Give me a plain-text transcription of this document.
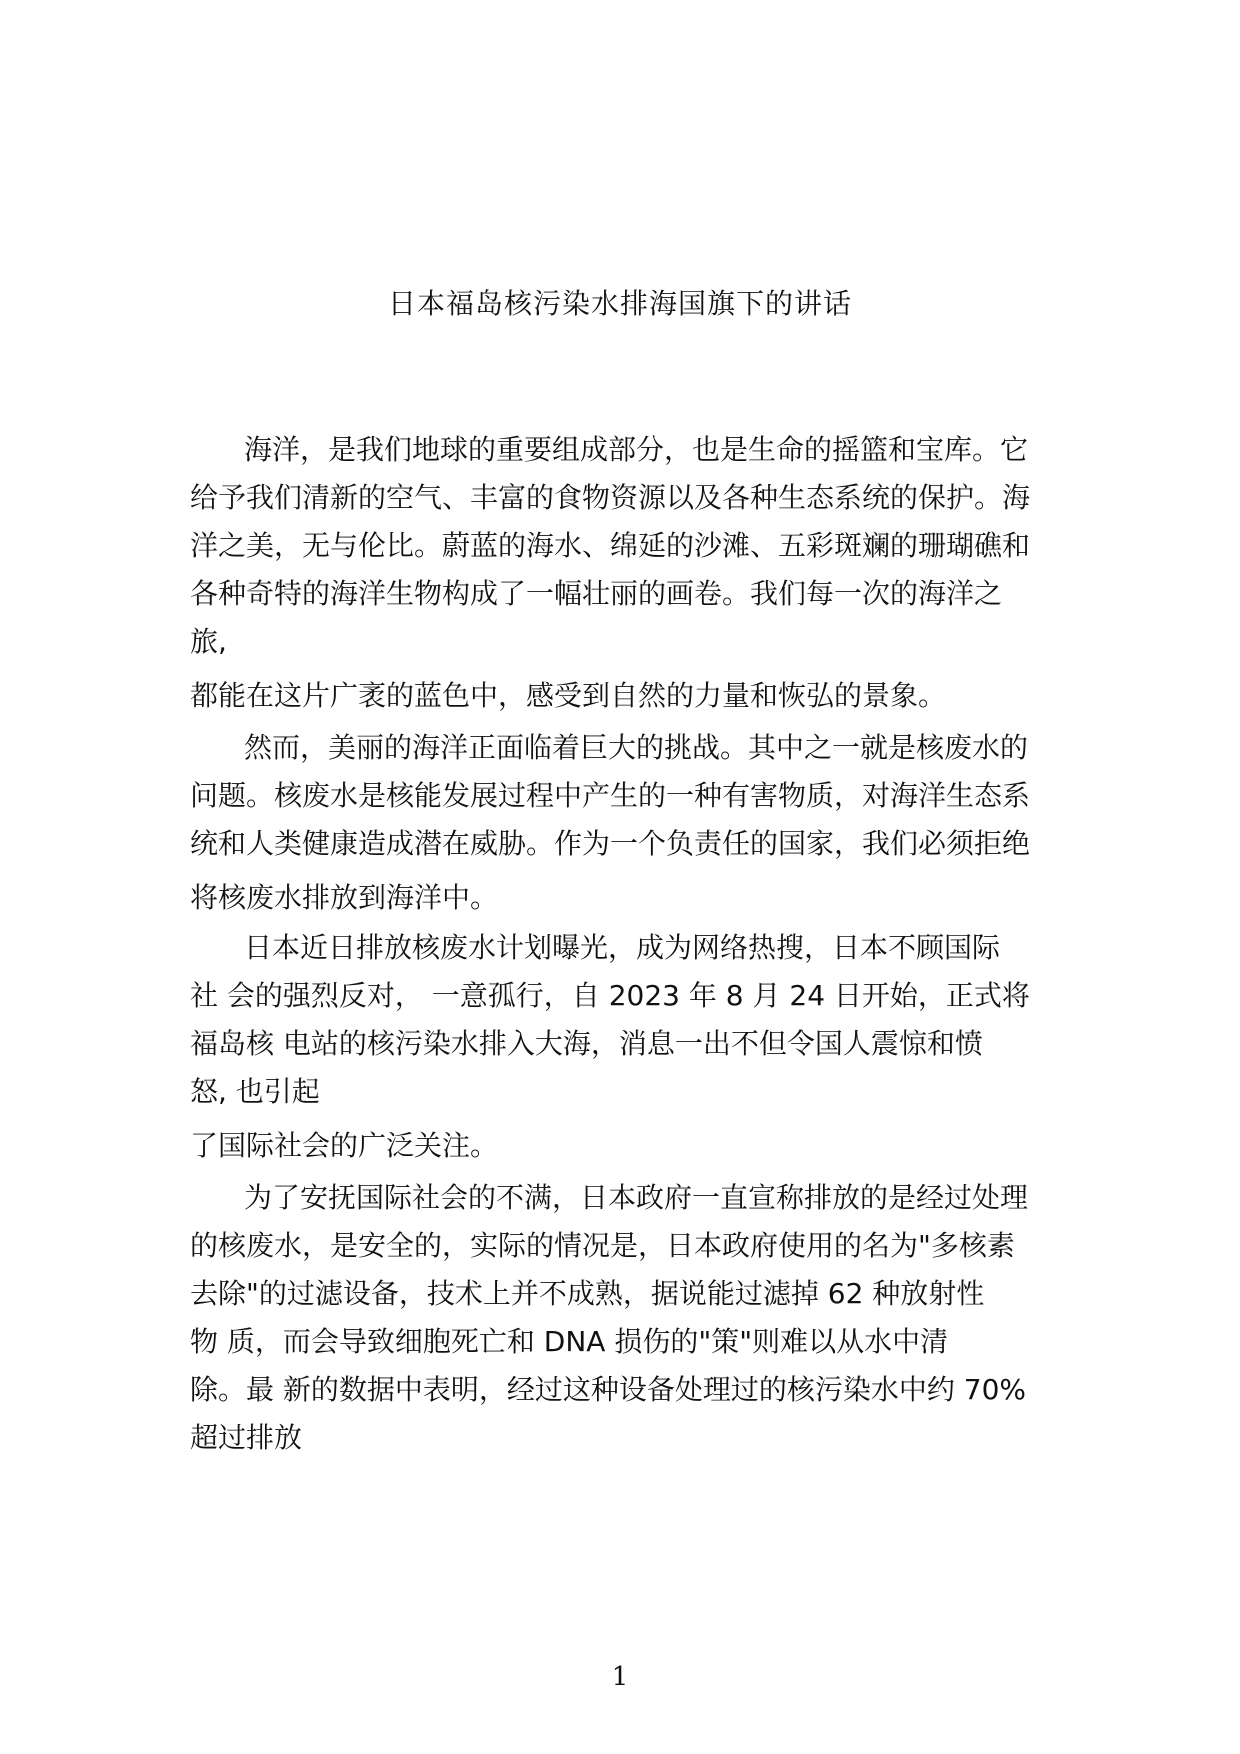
日本福岛核污染水排海国旗下的讲话
海洋，是我们地球的重要组成部分，也是生命的摇篮和宝库。它
给予我们清新的空气、丰富的食物资源以及各种生态系统的保护。海
洋之美，无与伦比。蔚蓝的海水、绵延的沙滩、五彩斑斓的珊瑚礁和
各种奇特的海洋生物构成了一幅壮丽的画卷。我们每一次的海洋之
旅,
都能在这片广袤的蓝色中，感受到自然的力量和恢弘的景象。
然而，美丽的海洋正面临着巨大的挑战。其中之一就是核废水的
问题。核废水是核能发展过程中产生的一种有害物质，对海洋生态系
统和人类健康造成潜在威胁。作为一个负责任的国家，我们必须拒绝
将核废水排放到海洋中。
日本近日排放核废水计划曝光，成为网络热搜，日本不顾国际
社 会的强烈反对， 一意孤行，自 2023 年 8 月 24 日开始，正式将
福岛核 电站的核污染水排入大海，消息一出不但令国人震惊和愤
怒, 也引起
了国际社会的广泛关注。
为了安抚国际社会的不满，日本政府一直宣称排放的是经过处理
的核废水，是安全的，实际的情况是，日本政府使用的名为"多核素
去除"的过滤设备，技术上并不成熟，据说能过滤掉 62 种放射性
物 质，而会导致细胞死亡和 DNA 损伤的"策"则难以从水中清
除。最 新的数据中表明，经过这种设备处理过的核污染水中约 70%
超过排放
1
